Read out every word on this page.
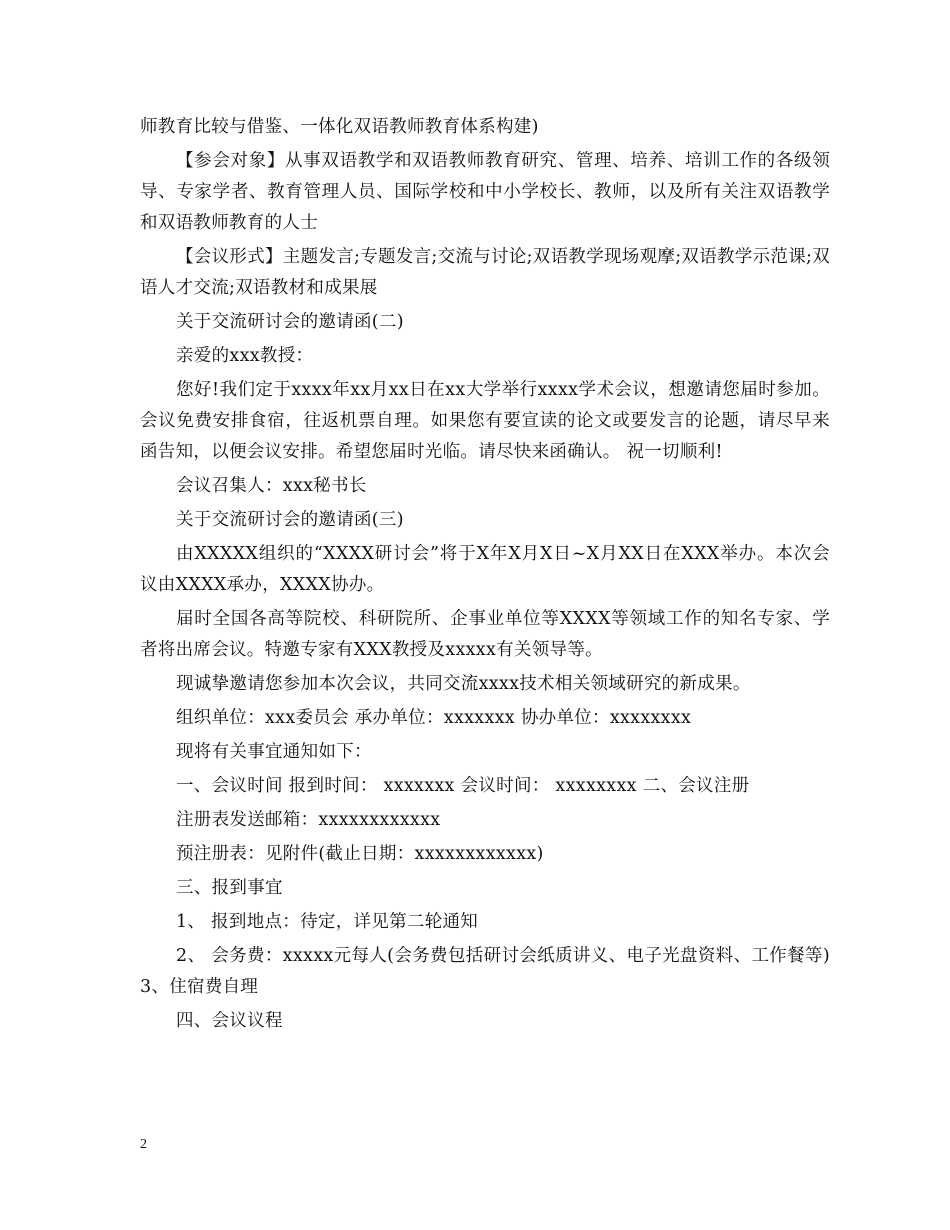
师教育比较与借鉴、一体化双语教师教育体系构建)

【参会对象】从事双语教学和双语教师教育研究、管理、培养、培训工作的各级领导、专家学者、教育管理人员、国际学校和中小学校长、教师，以及所有关注双语教学和双语教师教育的人士

【会议形式】主题发言;专题发言;交流与讨论;双语教学现场观摩;双语教学示范课;双语人才交流;双语教材和成果展

关于交流研讨会的邀请函(二)

亲爱的xxx教授：

您好!我们定于xxxx年xx月xx日在xx大学举行xxxx学术会议，想邀请您届时参加。会议免费安排食宿，往返机票自理。如果您有要宣读的论文或要发言的论题，请尽早来函告知，以便会议安排。希望您届时光临。请尽快来函确认。 祝一切顺利!

会议召集人：xxx秘书长

关于交流研讨会的邀请函(三)

由XXXXX组织的“XXXX研讨会”将于X年X月X日~X月XX日在XXX举办。本次会议由XXXX承办，XXXX协办。

届时全国各高等院校、科研院所、企事业单位等XXXX等领域工作的知名专家、学者将出席会议。特邀专家有XXX教授及xxxxx有关领导等。

现诚挚邀请您参加本次会议，共同交流xxxx技术相关领域研究的新成果。

组织单位：xxx委员会 承办单位：xxxxxxx 协办单位：xxxxxxxx

现将有关事宜通知如下：

一、会议时间 报到时间： xxxxxxx 会议时间： xxxxxxxx 二、会议注册

注册表发送邮箱：xxxxxxxxxxxx

预注册表：见附件(截止日期：xxxxxxxxxxxx)

三、报到事宜

1、 报到地点：待定，详见第二轮通知

2、 会务费：xxxxx元每人(会务费包括研讨会纸质讲义、电子光盘资料、工作餐等) 3、住宿费自理

四、会议议程

2
